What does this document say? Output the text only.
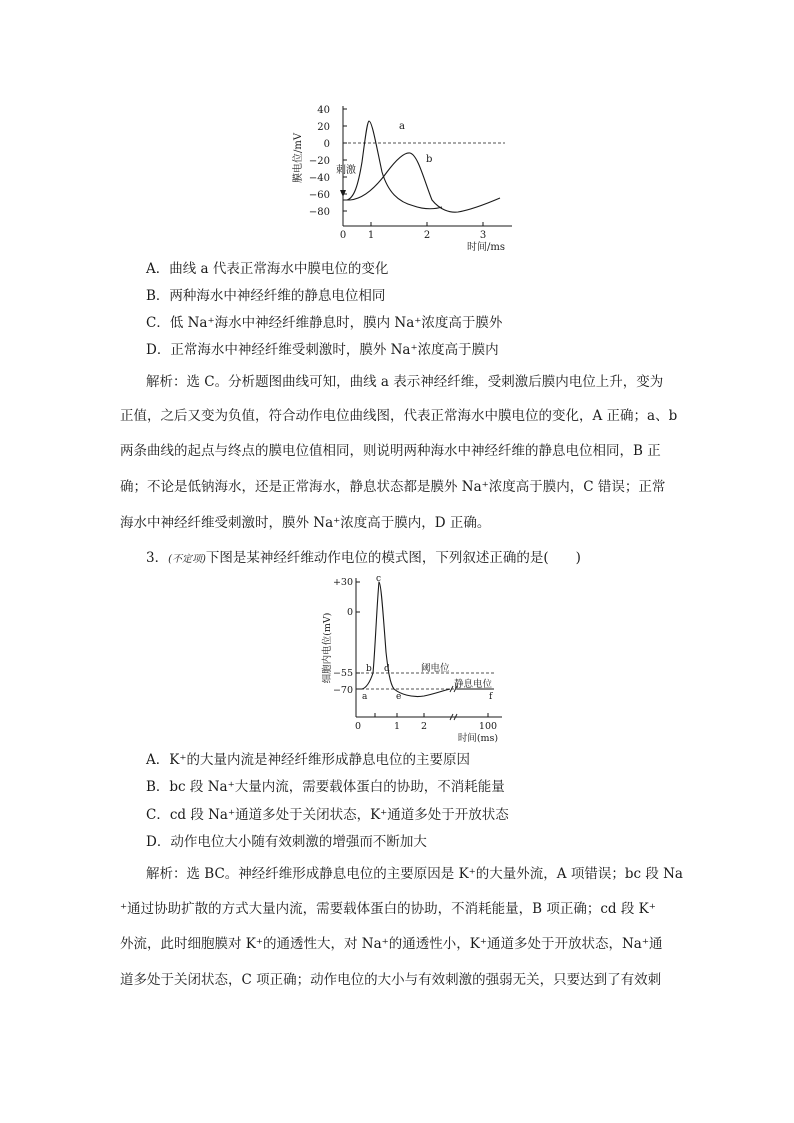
40
20
0
−20
−40
−60
−80
0 1	2	3
时间/ms
膜电位/mV	刺激
a
b
A．曲线 a 代表正常海水中膜电位的变化
B．两种海水中神经纤维的静息电位相同
C．低 Na⁺海水中神经纤维静息时，膜内 Na⁺浓度高于膜外
D．正常海水中神经纤维受刺激时，膜外 Na⁺浓度高于膜内
解析：选 C。分析题图曲线可知，曲线 a 表示神经纤维，受刺激后膜内电位上升，变为
正值，之后又变为负值，符合动作电位曲线图，代表正常海水中膜电位的变化，A 正确；a、b
两条曲线的起点与终点的膜电位值相同，则说明两种海水中神经纤维的静息电位相同，B 正
确；不论是低钠海水，还是正常海水，静息状态都是膜外 Na⁺浓度高于膜内，C 错误；正常
海水中神经纤维受刺激时，膜外 Na⁺浓度高于膜内，D 正确。
3．(不定项)下图是某神经纤维动作电位的模式图，下列叙述正确的是(　　)
+30
0
−55
−70
0	1 2	100
时间(ms)
细胞内电位(mV)	阈电位
静息电位
a
b
c
d
e	f
A．K⁺的大量内流是神经纤维形成静息电位的主要原因
B．bc 段 Na⁺大量内流，需要载体蛋白的协助，不消耗能量
C．cd 段 Na⁺通道多处于关闭状态，K⁺通道多处于开放状态
D．动作电位大小随有效刺激的增强而不断加大
解析：选 BC。神经纤维形成静息电位的主要原因是 K⁺的大量外流，A 项错误；bc 段 Na
⁺通过协助扩散的方式大量内流，需要载体蛋白的协助，不消耗能量，B 项正确；cd 段 K⁺
外流，此时细胞膜对 K⁺的通透性大，对 Na⁺的通透性小，K⁺通道多处于开放状态，Na⁺通
道多处于关闭状态，C 项正确；动作电位的大小与有效刺激的强弱无关，只要达到了有效刺
